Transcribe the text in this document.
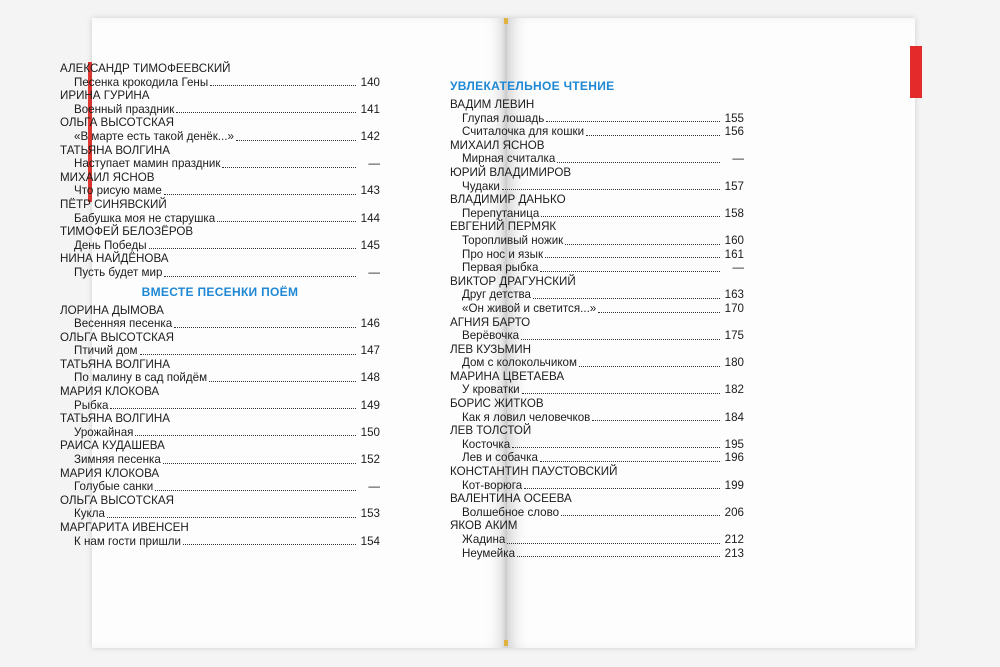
АЛЕКСАНДР ТИМОФЕЕВСКИЙ
Песенка крокодила Гены	140
ИРИНА ГУРИНА
Военный праздник	141
ОЛЬГА ВЫСОТСКАЯ
«В марте есть такой денёк...»	142
ТАТЬЯНА ВОЛГИНА
Наступает мамин праздник	—
МИХАИЛ ЯСНОВ
Что рисую маме	143
ПЁТР СИНЯВСКИЙ
Бабушка моя не старушка	144
ТИМОФЕЙ БЕЛОЗЁРОВ
День Победы	145
НИНА НАЙДЁНОВА
Пусть будет мир	—
ВМЕСТЕ ПЕСЕНКИ ПОЁМ
ЛОРИНА ДЫМОВА
Весенняя песенка	146
ОЛЬГА ВЫСОТСКАЯ
Птичий дом	147
ТАТЬЯНА ВОЛГИНА
По малину в сад пойдём	148
МАРИЯ КЛОКОВА
Рыбка	149
ТАТЬЯНА ВОЛГИНА
Урожайная	150
РАИСА КУДАШЕВА
Зимняя песенка	152
МАРИЯ КЛОКОВА
Голубые санки	—
ОЛЬГА ВЫСОТСКАЯ
Кукла	153
МАРГАРИТА ИВЕНСЕН
К нам гости пришли	154
УВЛЕКАТЕЛЬНОЕ ЧТЕНИЕ
ВАДИМ ЛЕВИН
Глупая лошадь	155
Считалочка для кошки	156
МИХАИЛ ЯСНОВ
Мирная считалка	—
ЮРИЙ ВЛАДИМИРОВ
Чудаки	157
ВЛАДИМИР ДАНЬКО
Перепутаница	158
ЕВГЕНИЙ ПЕРМЯК
Торопливый ножик	160
Про нос и язык	161
Первая рыбка	—
ВИКТОР ДРАГУНСКИЙ
Друг детства	163
«Он живой и светится...»	170
АГНИЯ БАРТО
Верёвочка	175
ЛЕВ КУЗЬМИН
Дом с колокольчиком	180
МАРИНА ЦВЕТАЕВА
У кроватки	182
БОРИС ЖИТКОВ
Как я ловил человечков	184
ЛЕВ ТОЛСТОЙ
Косточка	195
Лев и собачка	196
КОНСТАНТИН ПАУСТОВСКИЙ
Кот-ворюга	199
ВАЛЕНТИНА ОСЕЕВА
Волшебное слово	206
ЯКОВ АКИМ
Жадина	212
Неумейка	213
